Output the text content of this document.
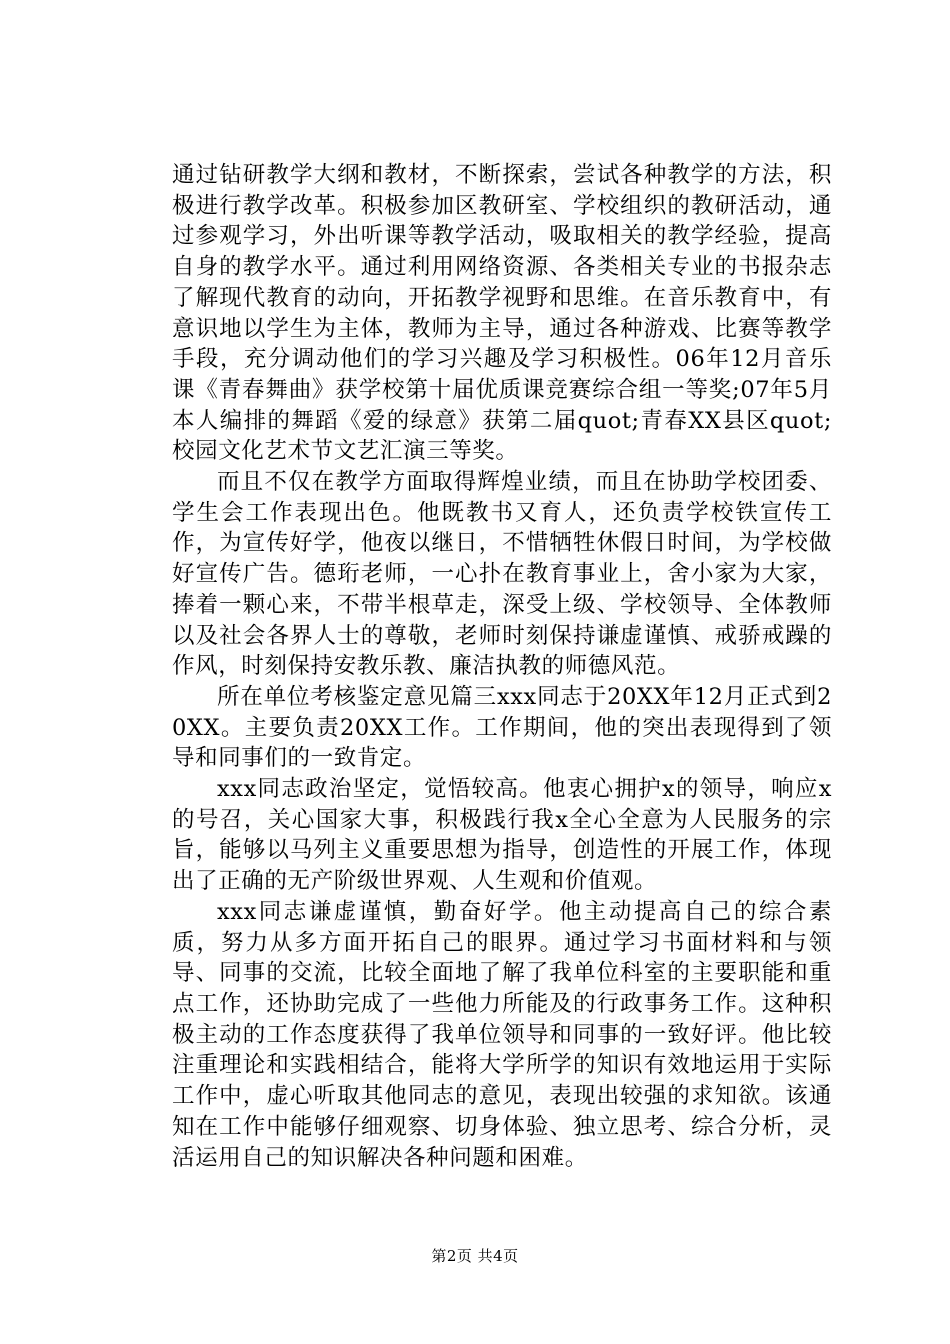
通过钻研教学大纲和教材，不断探索，尝试各种教学的方法，积极进行教学改革。积极参加区教研室、学校组织的教研活动，通过参观学习，外出听课等教学活动，吸取相关的教学经验，提高自身的教学水平。通过利用网络资源、各类相关专业的书报杂志了解现代教育的动向，开拓教学视野和思维。在音乐教育中，有意识地以学生为主体，教师为主导，通过各种游戏、比赛等教学手段，充分调动他们的学习兴趣及学习积极性。06年12月音乐课《青春舞曲》获学校第十届优质课竞赛综合组一等奖;07年5月本人编排的舞蹈《爱的绿意》获第二届quot;青春XX县区quot;校园文化艺术节文艺汇演三等奖。

而且不仅在教学方面取得辉煌业绩，而且在协助学校团委、学生会工作表现出色。他既教书又育人，还负责学校铁宣传工作，为宣传好学，他夜以继日，不惜牺牲休假日时间，为学校做好宣传广告。德珩老师，一心扑在教育事业上，舍小家为大家，捧着一颗心来，不带半根草走，深受上级、学校领导、全体教师以及社会各界人士的尊敬，老师时刻保持谦虚谨慎、戒骄戒躁的作风，时刻保持安教乐教、廉洁执教的师德风范。

所在单位考核鉴定意见篇三xxx同志于20XX年12月正式到20XX。主要负责20XX工作。工作期间，他的突出表现得到了领导和同事们的一致肯定。

xxx同志政治坚定，觉悟较高。他衷心拥护x的领导，响应x的号召，关心国家大事，积极践行我x全心全意为人民服务的宗旨，能够以马列主义重要思想为指导，创造性的开展工作，体现出了正确的无产阶级世界观、人生观和价值观。

xxx同志谦虚谨慎，勤奋好学。他主动提高自己的综合素质，努力从多方面开拓自己的眼界。通过学习书面材料和与领导、同事的交流，比较全面地了解了我单位科室的主要职能和重点工作，还协助完成了一些他力所能及的行政事务工作。这种积极主动的工作态度获得了我单位领导和同事的一致好评。他比较注重理论和实践相结合，能将大学所学的知识有效地运用于实际工作中，虚心听取其他同志的意见，表现出较强的求知欲。该通知在工作中能够仔细观察、切身体验、独立思考、综合分析，灵活运用自己的知识解决各种问题和困难。

第2页 共4页
